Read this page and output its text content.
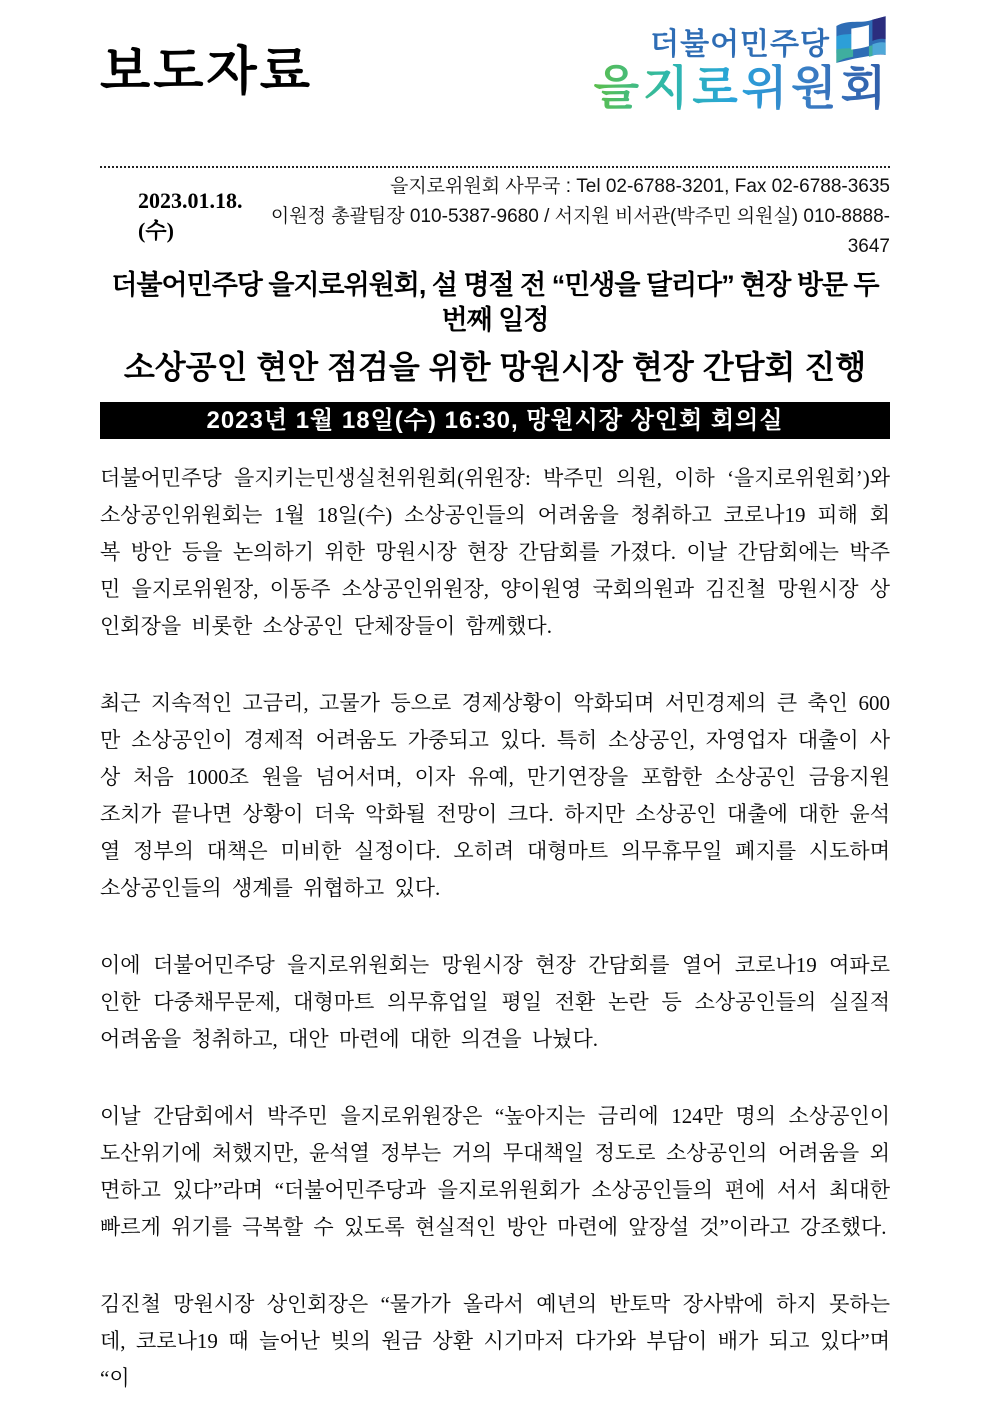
보도자료	더불어민주당
을지로위원회
2023.01.18.(수)
을지로위원회 사무국 : Tel 02-6788-3201, Fax 02-6788-3635
이원정 총괄팀장 010-5387-9680 / 서지원 비서관(박주민 의원실) 010-8888-3647
더불어민주당 을지로위원회, 설 명절 전 “민생을 달리다” 현장 방문 두 번째 일정
소상공인 현안 점검을 위한 망원시장 현장 간담회 진행
2023년 1월 18일(수) 16:30, 망원시장 상인회 회의실

더불어민주당 을지키는민생실천위원회(위원장: 박주민 의원, 이하 ‘을지로위원회’)와 소상공인위원회는 1월 18일(수) 소상공인들의 어려움을 청취하고 코로나19 피해 회복 방안 등을 논의하기 위한 망원시장 현장 간담회를 가졌다. 이날 간담회에는 박주민 을지로위원장, 이동주 소상공인위원장, 양이원영 국회의원과 김진철 망원시장 상인회장을 비롯한 소상공인 단체장들이 함께했다.

최근 지속적인 고금리, 고물가 등으로 경제상황이 악화되며 서민경제의 큰 축인 600만 소상공인이 경제적 어려움도 가중되고 있다. 특히 소상공인, 자영업자 대출이 사상 처음 1000조 원을 넘어서며, 이자 유예, 만기연장을 포함한 소상공인 금융지원 조치가 끝나면 상황이 더욱 악화될 전망이 크다. 하지만 소상공인 대출에 대한 윤석열 정부의 대책은 미비한 실정이다. 오히려 대형마트 의무휴무일 폐지를 시도하며 소상공인들의 생계를 위협하고 있다.

이에 더불어민주당 을지로위원회는 망원시장 현장 간담회를 열어 코로나19 여파로 인한 다중채무문제, 대형마트 의무휴업일 평일 전환 논란 등 소상공인들의 실질적 어려움을 청취하고, 대안 마련에 대한 의견을 나눴다.

이날 간담회에서 박주민 을지로위원장은 “높아지는 금리에 124만 명의 소상공인이 도산위기에 처했지만, 윤석열 정부는 거의 무대책일 정도로 소상공인의 어려움을 외면하고 있다”라며 “더불어민주당과 을지로위원회가 소상공인들의 편에 서서 최대한 빠르게 위기를 극복할 수 있도록 현실적인 방안 마련에 앞장설 것”이라고 강조했다.

김진철 망원시장 상인회장은 “물가가 올라서 예년의 반토막 장사밖에 하지 못하는데, 코로나19 때 늘어난 빚의 원금 상환 시기마저 다가와 부담이 배가 되고 있다”며 “이
